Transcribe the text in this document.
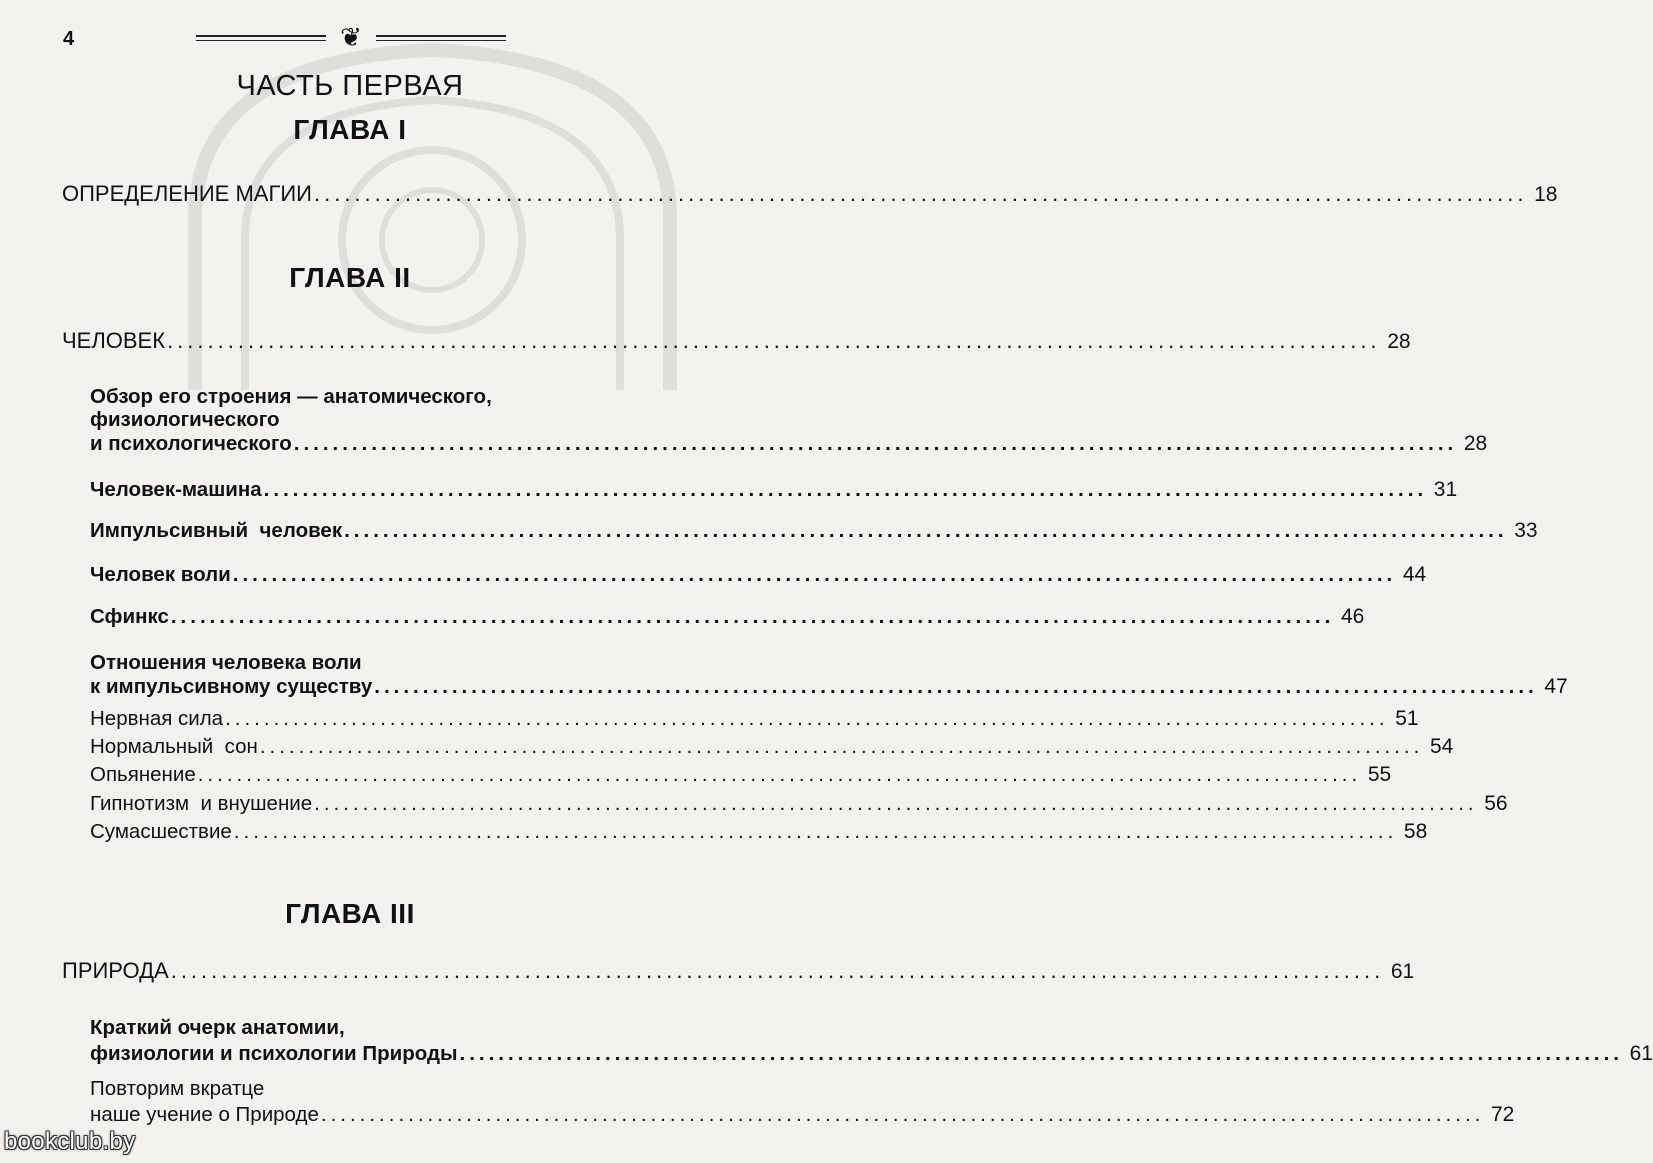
4	❦
ЧАСТЬ ПЕРВАЯ
ГЛАВА I
ОПРЕДЕЛЕНИЕ МАГИИ ........................................................................................................................ 18
ГЛАВА II
ЧЕЛОВЕК ........................................................................................................................ 28
Обзор его строения — анатомического,
физиологического
и психологического ........................................................................................................................ 28
Человек-машина ........................................................................................................................ 31
Импульсивный  человек ........................................................................................................................ 33
Человек воли ........................................................................................................................ 44
Сфинкс ........................................................................................................................ 46
Отношения человека воли
к импульсивному существу ........................................................................................................................ 47
Нервная сила ........................................................................................................................ 51
Нормальный  сон ........................................................................................................................ 54
Опьянение ........................................................................................................................ 55
Гипнотизм  и внушение ........................................................................................................................ 56
Сумасшествие ........................................................................................................................ 58
ГЛАВА III
ПРИРОДА ........................................................................................................................ 61
Краткий очерк анатомии,
физиологии и психологии Природы ........................................................................................................................ 61
Повторим вкратце
наше учение о Природе ........................................................................................................................ 72
bookclub.by
